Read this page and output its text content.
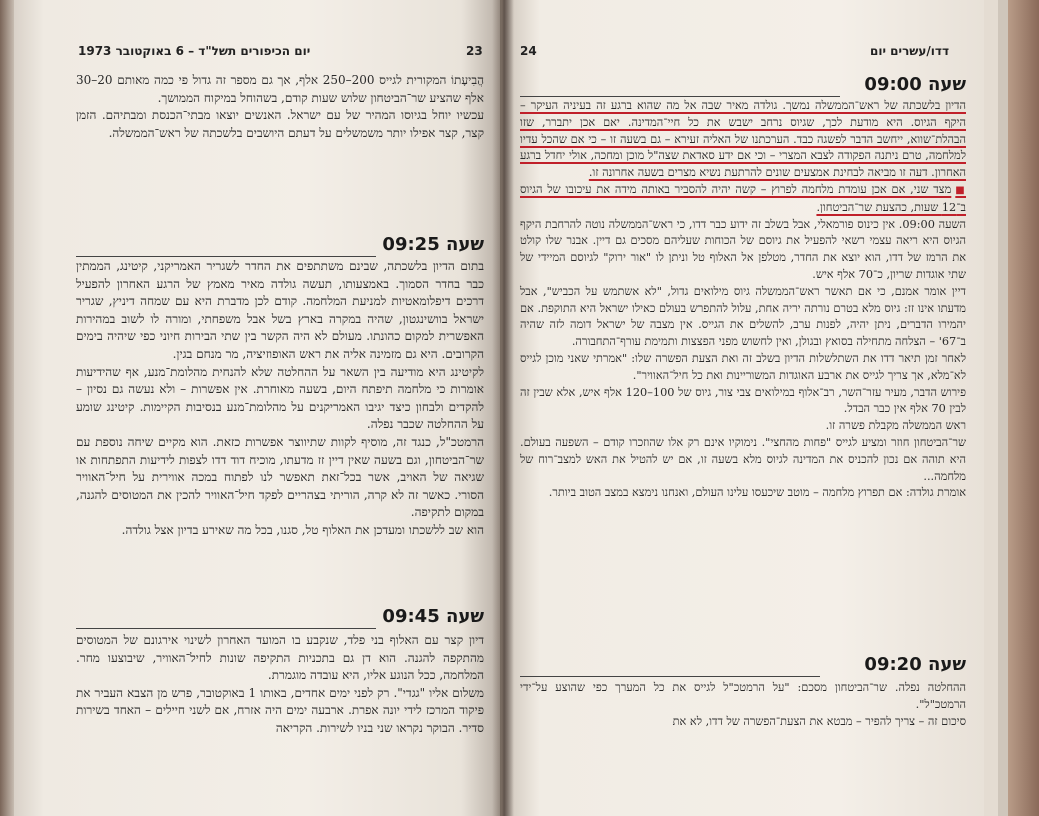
יום הכיפורים תשל"ד – 6 באוקטובר 1973	23

הֲבִיעָתוֹ המקורית לגייס 200–250 אלף, אך גם מספר זה גדול פי כמה מאותם 20–30 אלף שהציע שר־הביטחון שלוש שעות קודם, בשהוחל במיקוח הממושך.

עכשיו יוחל בגיוסו המהיר של עם ישראל. האנשים יוצאו מבתי־הכנסת ומבתיהם. הזמן קצר, קצר אפילו יותר משמשלים על דעתם היושבים בלשכתה של ראש־הממשלה.

שעה 09:25

בתום הדיון בלשכתה, שבינם משתתפים את החדר לשגריר האמריקני, קיטינג, הממתין כבר בחדר הסמוך. באמצעותו, תעשה גולדה מאיר מאמץ של הרגע האחרון להפעיל דרכים דיפלומאטיות למניעת המלחמה. קודם לכן מדברת היא עם שמחה דיניץ, שגריר ישראל בוושינגטון, שהיה במקרה בארץ בשל אבל משפחתי, ומורה לו לשוב במהירות האפשרית למקום כהונתו. מעולם לא היה הקשר בין שתי הבירות חיוני כפי שיהיה בימים הקרובים. היא גם מזמינה אליה את ראש האופוזיציה, מר מנחם בגין.

לקיטינג היא מודיעה בין השאר על ההחלטה שלא להנחית מהלומת־מנע, אף שהידיעות אומרות כי מלחמה תיפתח היום, בשעה מאוחרת. אין אפשרות – ולא נעשה גם נסיון – להקדים ולבחון כיצד יגיבו האמריקנים על מהלומת־מנע בנסיבות הקיימות. קיטינג שומע על ההחלטה שכבר נפלה.

הרמטכ"ל, כנגד זה, מוסיף לקוות שתיווצר אפשרות כזאת. הוא מקיים שיחה נוספת עם שר־הביטחון, וגם בשעה שאין דיין זז מדעתו, מוכיח דוד דדו לצפות לידיעות התפתחות או שגיאה של האויב, אשר בכל־זאת תאפשר לנו לפתוח במכה אווירית על חיל־האוויר הסורי. כאשר זה לא קרה, הוריתי בצהריים לפקד חיל־האוויר להכין את המטוסים להגנה, במקום לתקיפה.

הוא שב ללשכתו ומעדכן את האלוף טל, סגנו, בכל מה שאירע בדיון אצל גולדה.

שעה 09:45

דיון קצר עם האלוף בני פלד, שנקבע בו המועד האחרון לשינוי אירגונם של המטוסים מהתקפה להגנה. הוא דן גם בתכניות התקיפה שונות לחיל־האוויר, שיבוצעו מחר. המלחמה, ככל הנוגע אליו, היא עובדה מוגמרת.

משלום אליו "גגדי". רק לפני ימים אחדים, באותו 1 באוקטובר, פרש מן הצבא העביר את פיקוד המרכז לידי יונה אפרת. ארבעה ימים היה אזרח, אם לשני חיילים – האחד בשירות סדיר. הבוקר נקראו שני בניו לשירות. הקריאה

24	דדו/עשרים יום
שעה 09:00

הדיון בלשכתה של ראש־הממשלה נמשך. גולדה מאיר שבה אל מה שהוא ברגע זה בעיניה העיקר – היקף הגיוס. היא מודעת לכך, שגיוס נרחב ישבש את כל חיי־המדינה. יאם אכן יתברר, שזו הבהלת־שווא, ייחשב הדבר לפשגה כבד. הערכתנו של האליה זעירא – גם בשעה זו – כי אם שהכל עדיו למלחמה, טרם ניתנה הפקודה לצבא המצרי – וכי אם ידע סאדאת שצה"ל מוכן ומחכה, אולי יחדל ברגע האחרון. דעה זו מביאה לבחינת אמצעים שונים להרתעת נשיא מצרים בשעה אחרונה זו.

■מצד שני, אם אכן עומדת מלחמה לפרוץ – קשה יהיה להסביר באותה מידה את עיכובו של הגיוס ב־12 שעות, כהצעת שר־הביטחון.

השעה 09:00. אין כינוס פורמאלי, אבל בשלב זה ידוע כבר דדו, כי ראש־הממשלה נוטה להרחבת היקף הגיוס היא ריאה עצמי רשאי להפעיל את גיוסם של הכוחות שעליהם מסכים גם דיין. אבנר שלו קולט את הרמז של דדו, הוא יוצא את החדר, מטלפן אל האלוף טל וניתן לו "אור ירוק" לגיוסם המיידי של שתי אוגדות שריון, כ־70 אלף איש.

דיין אומר אמנם, כי אם תאשר ראש־הממשלה גיוס מילואים גדול, "לא אשתמש על הכביש", אבל מדעתו אינו זז: גיוס מלא בטרם נורתה יריה אחת, עלול להתפרש בעולם כאילו ישראל היא התוקפת. אם יהמירו הדברים, ניתן יהיה, לפנות ערב, להשלים את הגייס. אין מצבה של ישראל דומה לזה שהיה ב־67' – הצלחה מתחילה בסואץ ובגולן, ואין לחשוש מפני הפצצות ותמימת עורף־התחבורה.

לאחר זמן תיאר דדו את השתלשלות הדיון בשלב זה ואת הצעת הפשרה שלו: "אמרתי שאני מוכן לגייס לא־מלא, אך צריך לגייס את ארבע האוגדות המשוריינות ואת כל חיל־האוויר".

פירוש הדבר, מעיר עזר־השר, רב־אלוף במילואים צבי צור, גיוס של 100–120 אלף איש, אלא שבין זה לבין 70 אלף אין כבר הבדל.

ראש הממשלה מקבלת פשרה זו.

שר־הביטחון חוזר ומציע לגייס "פחות מהחצי". נימוקיו אינם רק אלו שהוזכרו קודם – השפעה בעולם. היא תוהה אם נכון להכניס את המדינה לגיוס מלא בשעה זו, אם יש להטיל את האש למצב־רוח של מלחמה...

אומרת גולדה: אם תפרוץ מלחמה – מוטב שיכעסו עלינו העולם, ואנחנו נימצא במצב הטוב ביותר.

שעה 09:20

ההחלטה נפלה. שר־הביטחון מסכם: "על הרמטכ"ל לגייס את כל המערך כפי שהוצע על־ידי הרמטכ"ל".

סיכום זה – צריך להפיר – מבטא את הצעת־הפשרה של דדו, לא את
